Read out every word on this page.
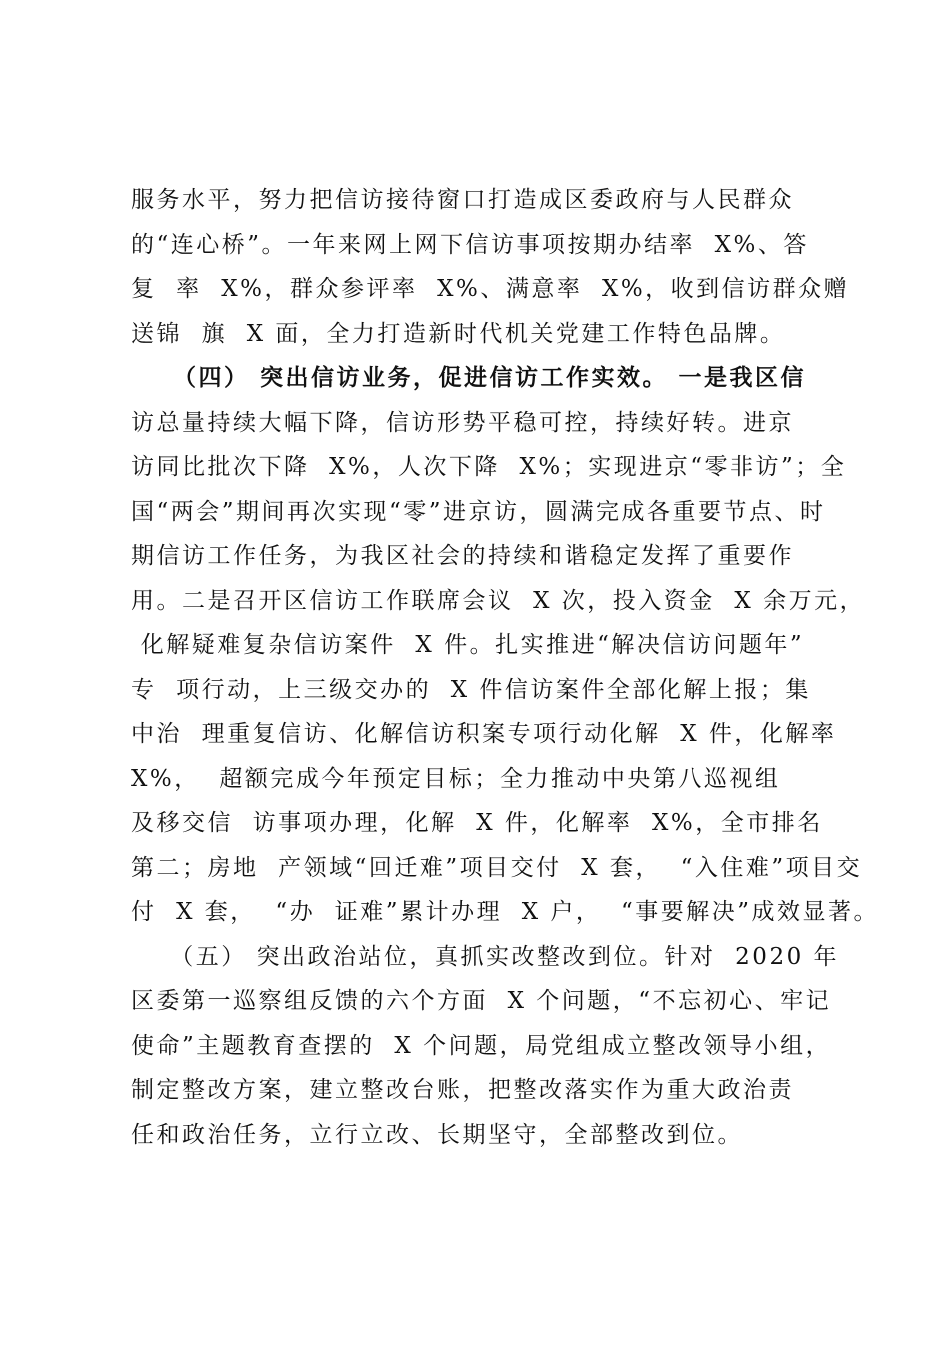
服务水平，努力把信访接待窗口打造成区委政府与人民群众
的“连心桥”。一年来网上网下信访事项按期办结率  X%、答
复  率  X%，群众参评率  X%、满意率  X%，收到信访群众赠
送锦  旗  X 面，全力打造新时代机关党建工作特色品牌。
（四） 突出信访业务，促进信访工作实效。 一是我区信
访总量持续大幅下降，信访形势平稳可控，持续好转。进京
访同比批次下降  X%，人次下降  X%；实现进京“零非访”；全
国“两会”期间再次实现“零”进京访，圆满完成各重要节点、时
期信访工作任务，为我区社会的持续和谐稳定发挥了重要作
用。二是召开区信访工作联席会议  X 次，投入资金  X 余万元，
化解疑难复杂信访案件  X 件。扎实推进“解决信访问题年”
专  项行动，上三级交办的  X 件信访案件全部化解上报；集
中治  理重复信访、化解信访积案专项行动化解  X 件，化解率
X%，  超额完成今年预定目标；全力推动中央第八巡视组
及移交信  访事项办理，化解  X 件，化解率  X%，全市排名
第二；房地  产领域“回迁难”项目交付  X 套，  “入住难”项目交
付  X 套，  “办  证难”累计办理  X 户，  “事要解决”成效显著。
（五） 突出政治站位，真抓实改整改到位。针对  2020 年
区委第一巡察组反馈的六个方面  X 个问题，“不忘初心、牢记
使命”主题教育查摆的  X 个问题，局党组成立整改领导小组，
制定整改方案，建立整改台账，把整改落实作为重大政治责
任和政治任务，立行立改、长期坚守，全部整改到位。
